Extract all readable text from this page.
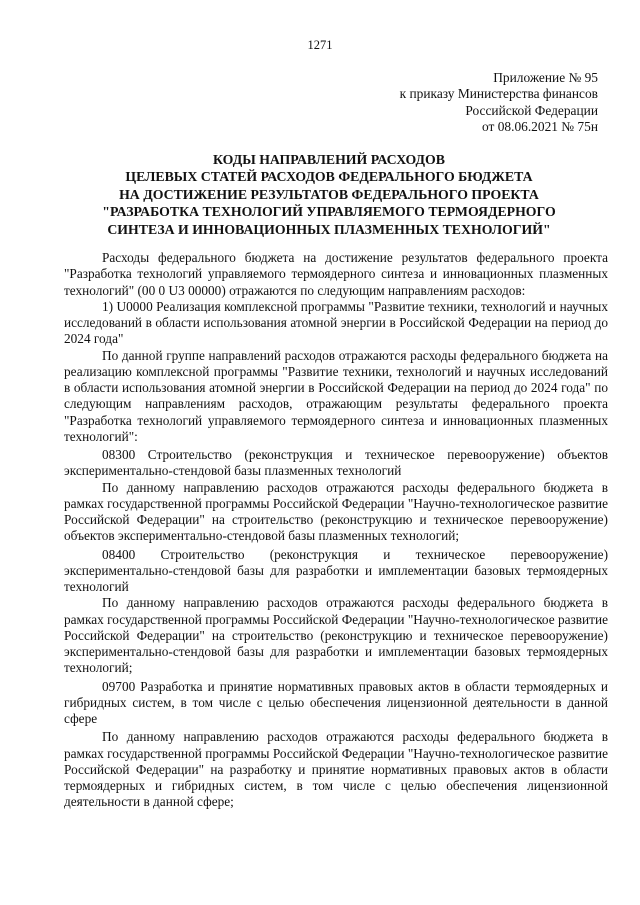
1271
Приложение № 95
к приказу Министерства финансов
Российской Федерации
от 08.06.2021 № 75н
КОДЫ НАПРАВЛЕНИЙ РАСХОДОВ
ЦЕЛЕВЫХ СТАТЕЙ РАСХОДОВ ФЕДЕРАЛЬНОГО БЮДЖЕТА
НА ДОСТИЖЕНИЕ РЕЗУЛЬТАТОВ ФЕДЕРАЛЬНОГО ПРОЕКТА
"РАЗРАБОТКА ТЕХНОЛОГИЙ УПРАВЛЯЕМОГО ТЕРМОЯДЕРНОГО
СИНТЕЗА И ИННОВАЦИОННЫХ ПЛАЗМЕННЫХ ТЕХНОЛОГИЙ"

Расходы федерального бюджета на достижение результатов федерального проекта "Разработка технологий управляемого термоядерного синтеза и инновационных плазменных технологий" (00 0 U3 00000) отражаются по следующим направлениям расходов:

1) U0000 Реализация комплексной программы "Развитие техники, технологий и научных исследований в области использования атомной энергии в Российской Федерации на период до 2024 года"

По данной группе направлений расходов отражаются расходы федерального бюджета на реализацию комплексной программы "Развитие техники, технологий и научных исследований в области использования атомной энергии в Российской Федерации на период до 2024 года" по следующим направлениям расходов, отражающим результаты федерального проекта "Разработка технологий управляемого термоядерного синтеза и инновационных плазменных технологий":

08300 Строительство (реконструкция и техническое перевооружение) объектов экспериментально-стендовой базы плазменных технологий

По данному направлению расходов отражаются расходы федерального бюджета в рамках государственной программы Российской Федерации "Научно-технологическое развитие Российской Федерации" на строительство (реконструкцию и техническое перевооружение) объектов экспериментально-стендовой базы плазменных технологий;

08400 Строительство (реконструкция и техническое перевооружение) экспериментально-стендовой базы для разработки и имплементации базовых термоядерных технологий

По данному направлению расходов отражаются расходы федерального бюджета в рамках государственной программы Российской Федерации "Научно-технологическое развитие Российской Федерации" на строительство (реконструкцию и техническое перевооружение) экспериментально-стендовой базы для разработки и имплементации базовых термоядерных технологий;

09700 Разработка и принятие нормативных правовых актов в области термоядерных и гибридных систем, в том числе с целью обеспечения лицензионной деятельности в данной сфере

По данному направлению расходов отражаются расходы федерального бюджета в рамках государственной программы Российской Федерации "Научно-технологическое развитие Российской Федерации" на разработку и принятие нормативных правовых актов в области термоядерных и гибридных систем, в том числе с целью обеспечения лицензионной деятельности в данной сфере;
